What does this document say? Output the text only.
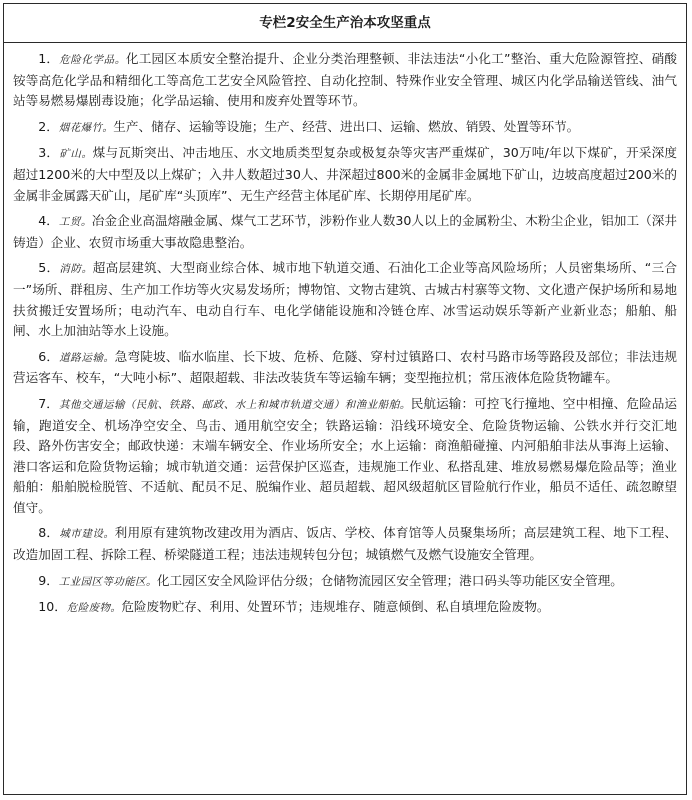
专栏2安全生产治本攻坚重点

1．危险化学品。化工园区本质安全整治提升、企业分类治理整顿、非法违法“小化工”整治、重大危险源管控、硝酸铵等高危化学品和精细化工等高危工艺安全风险管控、自动化控制、特殊作业安全管理、城区内化学品输送管线、油气站等易燃易爆剧毒设施；化学品运输、使用和废弃处置等环节。

2．烟花爆竹。生产、储存、运输等设施；生产、经营、进出口、运输、燃放、销毁、处置等环节。

3．矿山。煤与瓦斯突出、冲击地压、水文地质类型复杂或极复杂等灾害严重煤矿，30万吨/年以下煤矿，开采深度超过1200米的大中型及以上煤矿；入井人数超过30人、井深超过800米的金属非金属地下矿山，边坡高度超过200米的金属非金属露天矿山，尾矿库“头顶库”、无生产经营主体尾矿库、长期停用尾矿库。

4．工贸。冶金企业高温熔融金属、煤气工艺环节，涉粉作业人数30人以上的金属粉尘、木粉尘企业，铝加工（深井铸造）企业、农贸市场重大事故隐患整治。

5．消防。超高层建筑、大型商业综合体、城市地下轨道交通、石油化工企业等高风险场所；人员密集场所、“三合一”场所、群租房、生产加工作坊等火灾易发场所；博物馆、文物古建筑、古城古村寨等文物、文化遗产保护场所和易地扶贫搬迁安置场所；电动汽车、电动自行车、电化学储能设施和冷链仓库、冰雪运动娱乐等新产业新业态；船舶、船闸、水上加油站等水上设施。

6．道路运输。急弯陡坡、临水临崖、长下坡、危桥、危隧、穿村过镇路口、农村马路市场等路段及部位；非法违规营运客车、校车，“大吨小标”、超限超载、非法改装货车等运输车辆；变型拖拉机；常压液体危险货物罐车。

7．其他交通运输（民航、铁路、邮政、水上和城市轨道交通）和渔业船舶。民航运输：可控飞行撞地、空中相撞、危险品运输，跑道安全、机场净空安全、鸟击、通用航空安全；铁路运输：沿线环境安全、危险货物运输、公铁水并行交汇地段、路外伤害安全；邮政快递：末端车辆安全、作业场所安全；水上运输：商渔船碰撞、内河船舶非法从事海上运输、港口客运和危险货物运输；城市轨道交通：运营保护区巡查，违规施工作业、私搭乱建、堆放易燃易爆危险品等；渔业船舶：船舶脱检脱管、不适航、配员不足、脱编作业、超员超载、超风级超航区冒险航行作业，船员不适任、疏忽瞭望值守。

8．城市建设。利用原有建筑物改建改用为酒店、饭店、学校、体育馆等人员聚集场所；高层建筑工程、地下工程、改造加固工程、拆除工程、桥梁隧道工程；违法违规转包分包；城镇燃气及燃气设施安全管理。

9．工业园区等功能区。化工园区安全风险评估分级；仓储物流园区安全管理；港口码头等功能区安全管理。

10．危险废物。危险废物贮存、利用、处置环节；违规堆存、随意倾倒、私自填埋危险废物。
